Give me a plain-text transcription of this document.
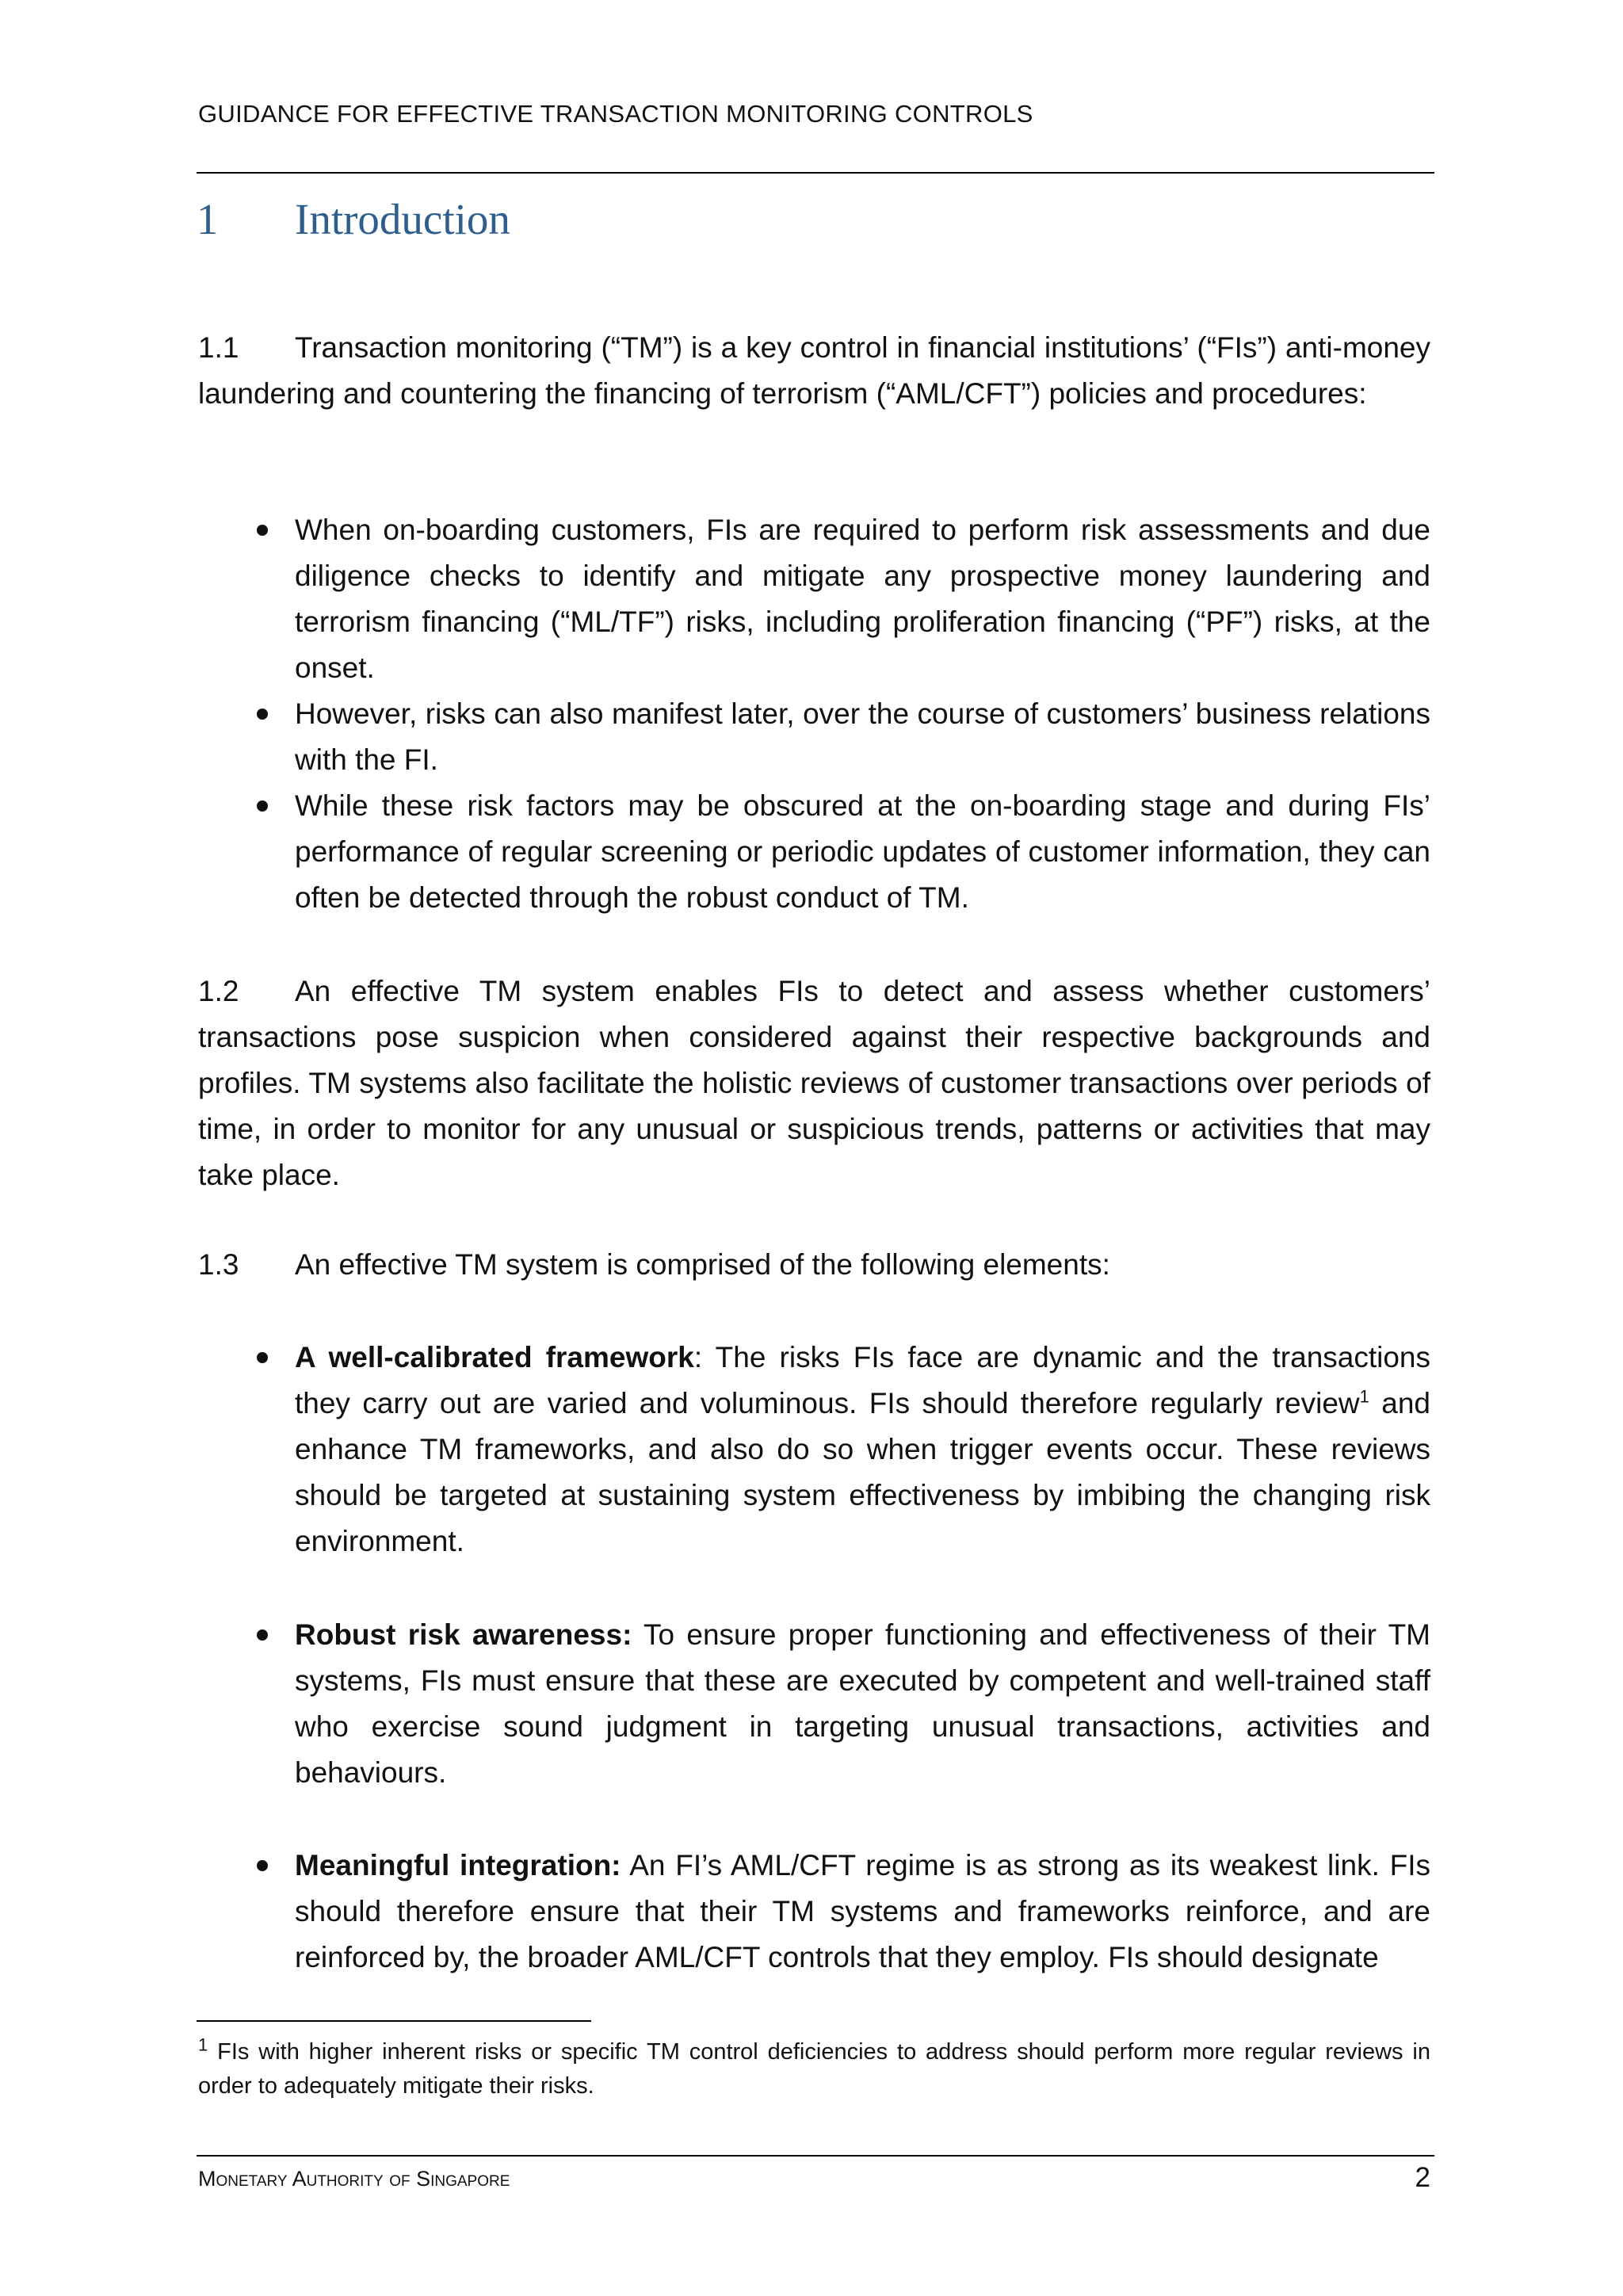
GUIDANCE FOR EFFECTIVE TRANSACTION MONITORING CONTROLS
1 Introduction
1.1 Transaction monitoring (“TM”) is a key control in financial institutions’ (“FIs”) anti-money laundering and countering the financing of terrorism (“AML/CFT”) policies and procedures:
When on-boarding customers, FIs are required to perform risk assessments and due diligence checks to identify and mitigate any prospective money laundering and terrorism financing (“ML/TF”) risks, including proliferation financing (“PF”) risks, at the onset.
However, risks can also manifest later, over the course of customers’ business relations with the FI.
While these risk factors may be obscured at the on-boarding stage and during FIs’ performance of regular screening or periodic updates of customer information, they can often be detected through the robust conduct of TM.
1.2 An effective TM system enables FIs to detect and assess whether customers’ transactions pose suspicion when considered against their respective backgrounds and profiles. TM systems also facilitate the holistic reviews of customer transactions over periods of time, in order to monitor for any unusual or suspicious trends, patterns or activities that may take place.
1.3 An effective TM system is comprised of the following elements:
A well-calibrated framework: The risks FIs face are dynamic and the transactions they carry out are varied and voluminous. FIs should therefore regularly review$^1$ and enhance TM frameworks, and also do so when trigger events occur. These reviews should be targeted at sustaining system effectiveness by imbibing the changing risk environment.
Robust risk awareness: To ensure proper functioning and effectiveness of their TM systems, FIs must ensure that these are executed by competent and well-trained staff who exercise sound judgment in targeting unusual transactions, activities and behaviours.
Meaningful integration: An FI’s AML/CFT regime is as strong as its weakest link. FIs should therefore ensure that their TM systems and frameworks reinforce, and are reinforced by, the broader AML/CFT controls that they employ. FIs should designate
$^1$ FIs with higher inherent risks or specific TM control deficiencies to address should perform more regular reviews in order to adequately mitigate their risks.
Monetary Authority of Singapore	2
